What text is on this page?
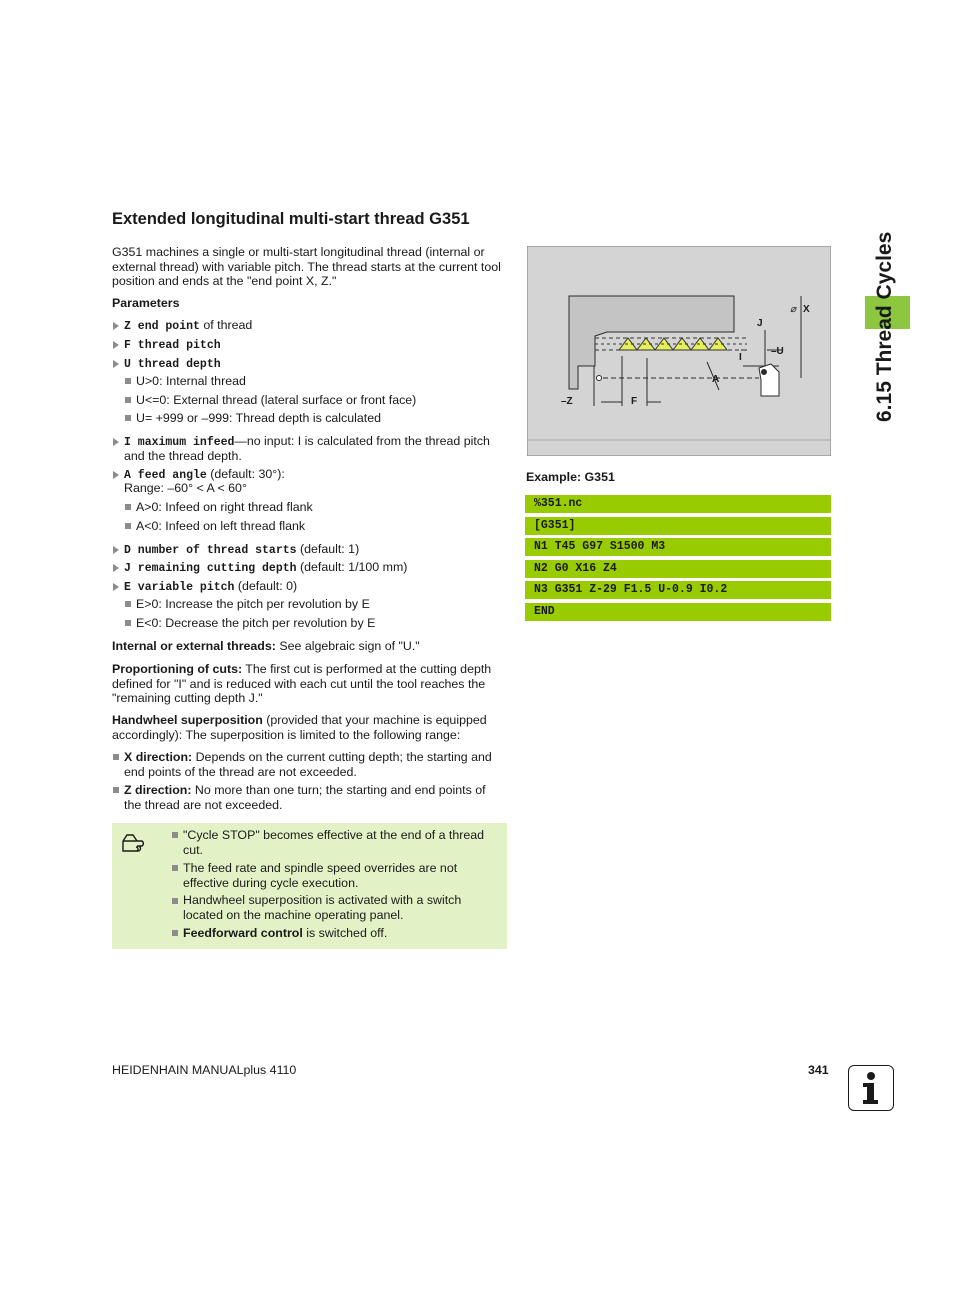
Extended longitudinal multi-start thread G351
6.15 Thread Cycles
G351 machines a single or multi-start longitudinal thread (internal or external thread) with variable pitch. The thread starts at the current tool position and ends at the "end point X, Z."
Parameters
Z end point of thread
F thread pitch
U thread depth
U>0: Internal thread
U<=0: External thread (lateral surface or front face)
U= +999 or –999: Thread depth is calculated
I maximum infeed—no input: I is calculated from the thread pitch
and the thread depth.
A feed angle (default: 30°):
Range: –60° < A < 60°
A>0: Infeed on right thread flank
A<0: Infeed on left thread flank
D number of thread starts (default: 1)
J remaining cutting depth (default: 1/100 mm)
E variable pitch (default: 0)
E>0: Increase the pitch per revolution by E
E<0: Decrease the pitch per revolution by E
Internal or external threads: See algebraic sign of "U."
Proportioning of cuts: The first cut is performed at the cutting depth
defined for "I" and is reduced with each cut until the tool reaches the
"remaining cutting depth J."
Handwheel superposition (provided that your machine is equipped
accordingly): The superposition is limited to the following range:
X direction: Depends on the current cutting depth; the starting and
end points of the thread are not exceeded.
Z direction: No more than one turn; the starting and end points of
the thread are not exceeded.
"Cycle STOP" becomes effective at the end of a thread
cut.
The feed rate and spindle speed overrides are not
effective during cycle execution.
Handwheel superposition is activated with a switch
located on the machine operating panel.
Feedforward control is switched off.
X
⌀
J
I
–U
A
–Z	F
Example: G351
%351.nc
[G351]
N1 T45 G97 S1500 M3
N2 G0 X16 Z4
N3 G351 Z-29 F1.5 U-0.9 I0.2
END
HEIDENHAIN MANUALplus 4110	341
